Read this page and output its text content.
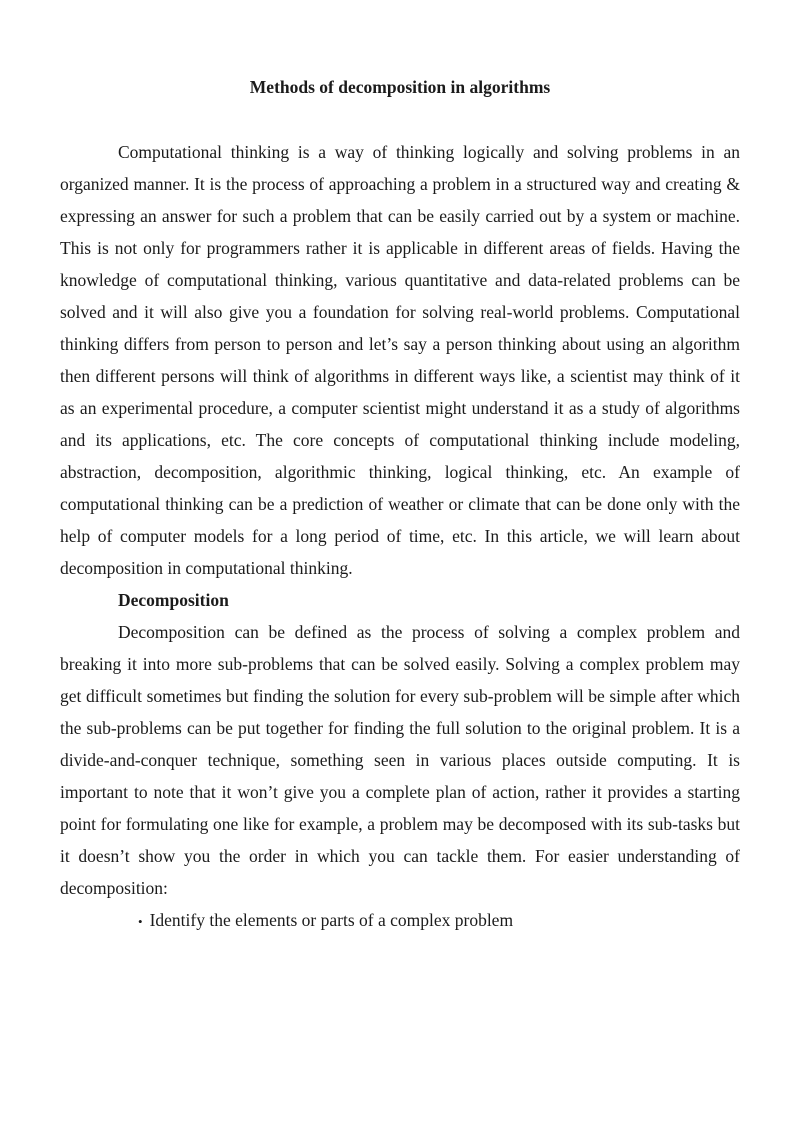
Methods of decomposition in algorithms

Computational thinking is a way of thinking logically and solving problems in an organized manner. It is the process of approaching a problem in a structured way and creating & expressing an answer for such a problem that can be easily carried out by a system or machine. This is not only for programmers rather it is applicable in different areas of fields. Having the knowledge of computational thinking, various quantitative and data-related problems can be solved and it will also give you a foundation for solving real-world problems. Computational thinking differs from person to person and let’s say a person thinking about using an algorithm then different persons will think of algorithms in different ways like, a scientist may think of it as an experimental procedure, a computer scientist might understand it as a study of algorithms and its applications, etc. The core concepts of computational thinking include modeling, abstraction, decomposition, algorithmic thinking, logical thinking, etc. An example of computational thinking can be a prediction of weather or climate that can be done only with the help of computer models for a long period of time, etc. In this article, we will learn about decomposition in computational thinking.

Decomposition

Decomposition can be defined as the process of solving a complex problem and breaking it into more sub-problems that can be solved easily. Solving a complex problem may get difficult sometimes but finding the solution for every sub-problem will be simple after which the sub-problems can be put together for finding the full solution to the original problem. It is a divide-and-conquer technique, something seen in various places outside computing. It is important to note that it won’t give you a complete plan of action, rather it provides a starting point for formulating one like for example, a problem may be decomposed with its sub-tasks but it doesn’t show you the order in which you can tackle them. For easier understanding of decomposition:

• Identify the elements or parts of a complex problem
